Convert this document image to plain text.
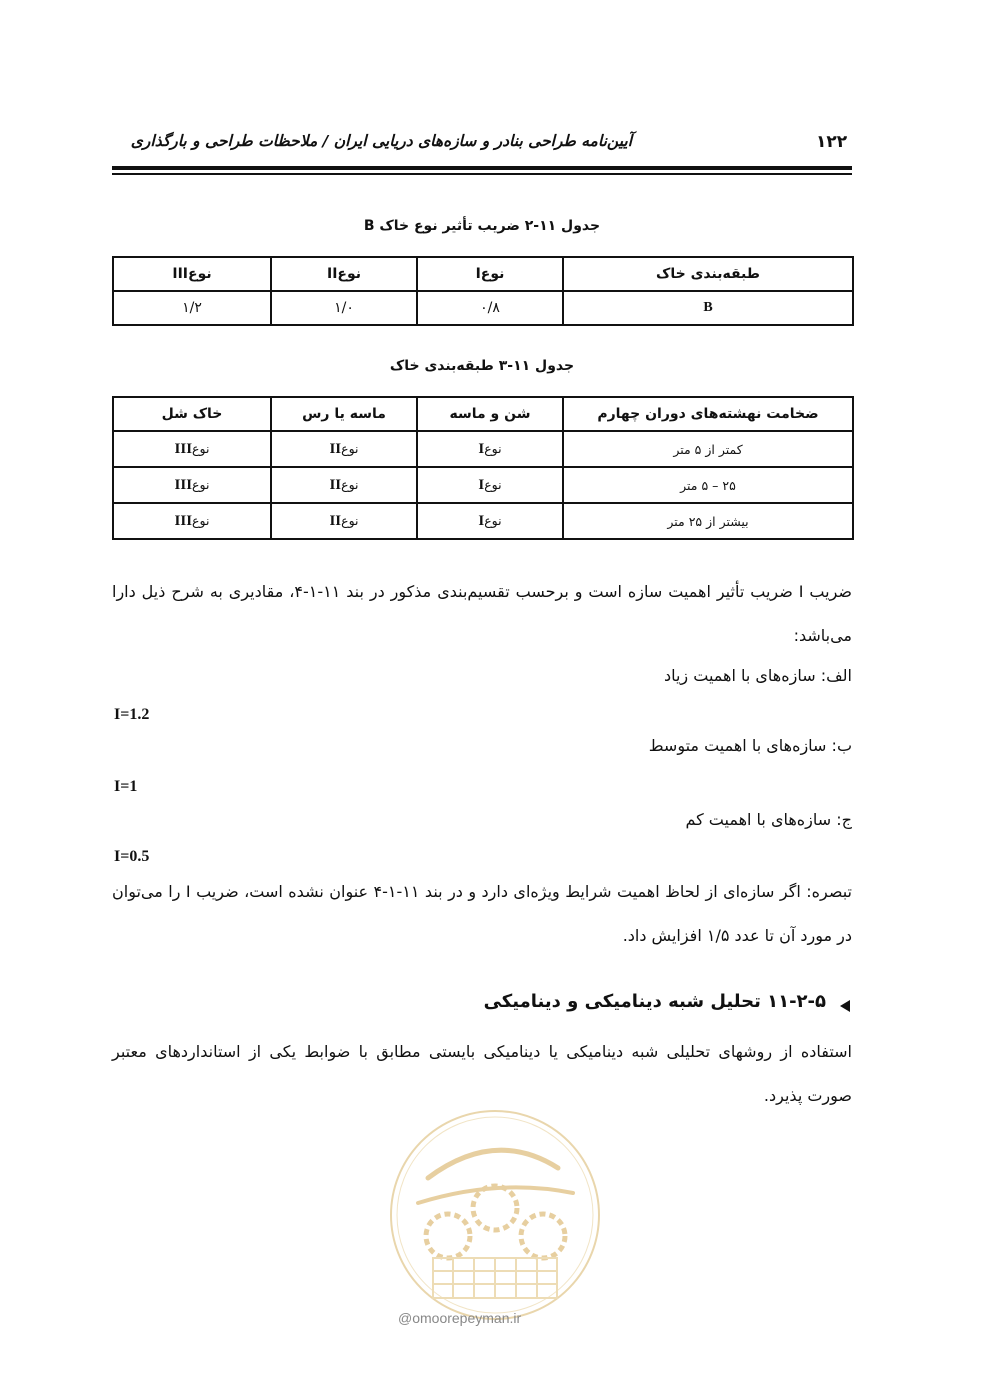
۱۲۲
آیین‌نامه طراحی بنادر و سازه‌های دریایی ایران / ملاحظات طراحی و بارگذاری
جدول ۱۱-۲ ضریب تأثیر نوع خاک B
طبقه‌بندی خاک	نوعI	نوعII	نوعIII
B	۰/۸	۱/۰	۱/۲
جدول ۱۱-۳ طبقه‌بندی خاک
ضخامت نهشته‌های دوران چهارم	شن و ماسه	ماسه یا رس	خاک شل
کمتر از ۵ متر	نوعI	نوعII	نوعIII
۲۵ – ۵ متر	نوعI	نوعII	نوعIII
بیشتر از ۲۵ متر	نوعI	نوعII	نوعIII
ضریب I ضریب تأثیر اهمیت سازه است و برحسب تقسیم‌بندی مذکور در بند ۱۱-۱-۴، مقادیری به شرح ذیل دارا می‌باشد:
الف: سازه‌های با اهمیت زیاد
I=1.2
ب: سازه‌های با اهمیت متوسط
I=1
ج: سازه‌های با اهمیت کم
I=0.5
تبصره: اگر سازه‌ای از لحاظ اهمیت شرایط ویژه‌ای دارد و در بند ۱۱-۱-۴ عنوان نشده است، ضریب I را می‌توان در مورد آن تا عدد ۱/۵ افزایش داد.
۱۱-۲-۵ تحلیل شبه دینامیکی و دینامیکی
استفاده از روشهای تحلیلی شبه دینامیکی یا دینامیکی بایستی مطابق با ضوابط یکی از استانداردهای معتبر صورت پذیرد.
@omoorepeyman.ir
